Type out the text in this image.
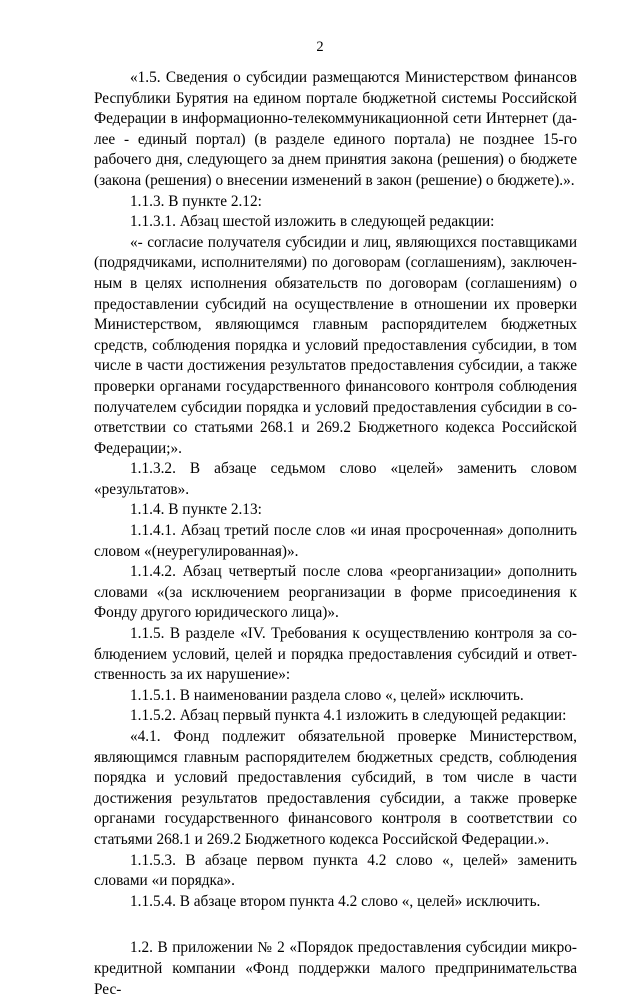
2

«1.5. Сведения о субсидии размещаются Министерством финансов Республики Бурятия на едином портале бюджетной системы Российской Федерации в информационно-телекоммуникационной сети Интернет (далее - единый портал) (в разделе единого портала) не позднее 15-го рабочего дня, следующего за днем принятия закона (решения) о бюджете (закона (решения) о внесении изменений в закон (решение) о бюджете).».

1.1.3. В пункте 2.12:

1.1.3.1. Абзац шестой изложить в следующей редакции:

«- согласие получателя субсидии и лиц, являющихся поставщиками (подрядчиками, исполнителями) по договорам (соглашениям), заключенным в целях исполнения обязательств по договорам (соглашениям) о предоставлении субсидий на осуществление в отношении их проверки Министерством, являющимся главным распорядителем бюджетных средств, соблюдения порядка и условий предоставления субсидии, в том числе в части достижения результатов предоставления субсидии, а также проверки органами государственного финансового контроля соблюдения получателем субсидии порядка и условий предоставления субсидии в соответствии со статьями 268.1 и 269.2 Бюджетного кодекса Российской Федерации;».

1.1.3.2. В абзаце седьмом слово «целей» заменить словом «результатов».

1.1.4. В пункте 2.13:

1.1.4.1. Абзац третий после слов «и иная просроченная» дополнить словом «(неурегулированная)».

1.1.4.2. Абзац четвертый после слова «реорганизации» дополнить словами «(за исключением реорганизации в форме присоединения к Фонду другого юридического лица)».

1.1.5. В разделе «IV. Требования к осуществлению контроля за соблюдением условий, целей и порядка предоставления субсидий и ответственность за их нарушение»:

1.1.5.1. В наименовании раздела слово «, целей» исключить.

1.1.5.2. Абзац первый пункта 4.1 изложить в следующей редакции:

«4.1. Фонд подлежит обязательной проверке Министерством, являющимся главным распорядителем бюджетных средств, соблюдения порядка и условий предоставления субсидий, в том числе в части достижения результатов предоставления субсидии, а также проверке органами государственного финансового контроля в соответствии со статьями 268.1 и 269.2 Бюджетного кодекса Российской Федерации.».

1.1.5.3. В абзаце первом пункта 4.2 слово «, целей» заменить словами «и порядка».

1.1.5.4. В абзаце втором пункта 4.2 слово «, целей» исключить.

1.2. В приложении № 2 «Порядок предоставления субсидии микрокредитной компании «Фонд поддержки малого предпринимательства Рес-
